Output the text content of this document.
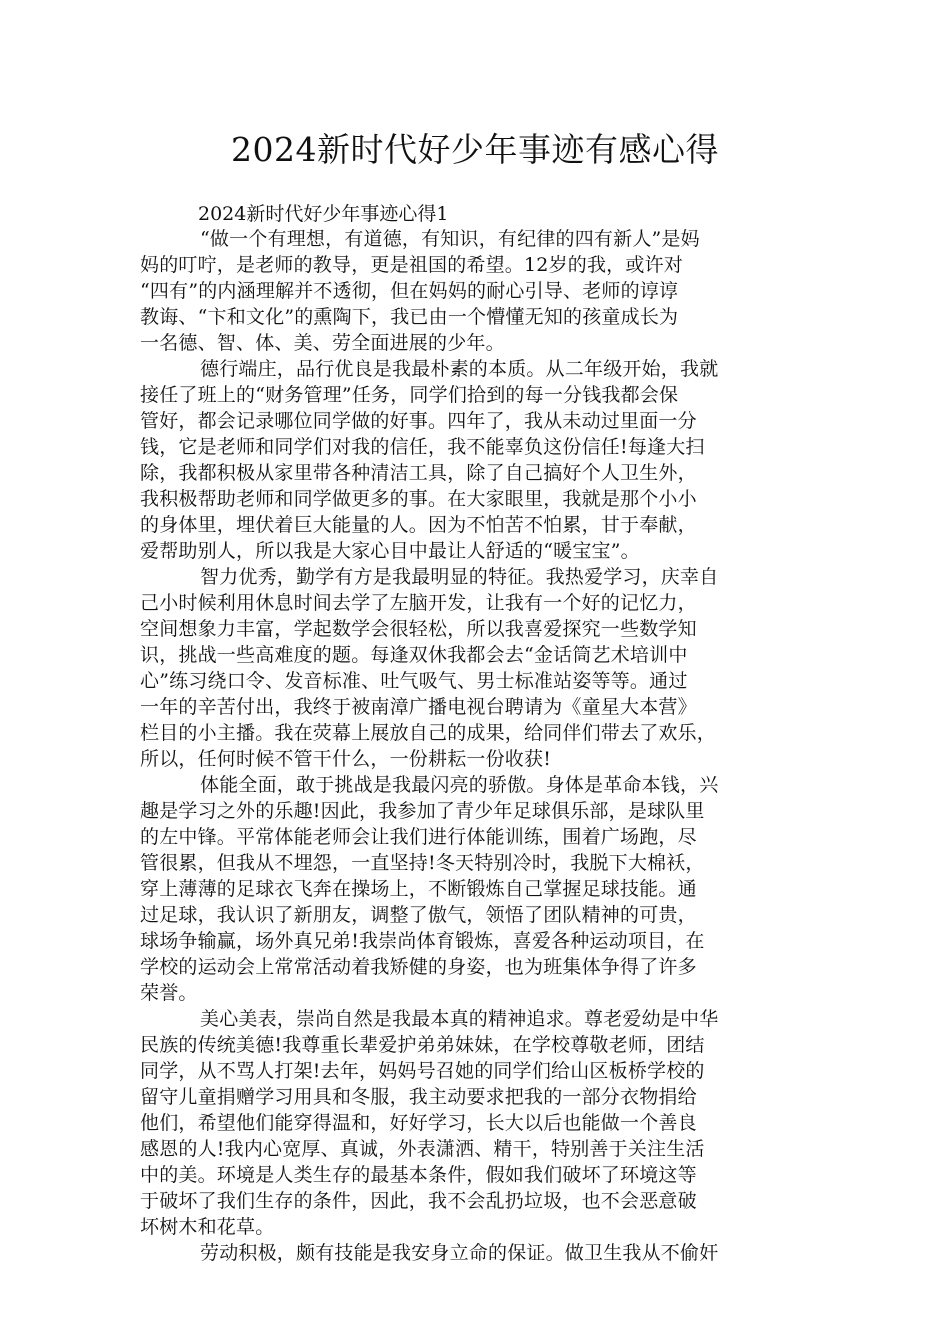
2024新时代好少年事迹有感心得
2024新时代好少年事迹心得1

“做一个有理想，有道德，有知识，有纪律的四有新人”是妈
妈的叮咛，是老师的教导，更是祖国的希望。12岁的我，或许对
“四有”的内涵理解并不透彻，但在妈妈的耐心引导、老师的谆谆
教诲、“卞和文化”的熏陶下，我已由一个懵懂无知的孩童成长为
一名德、智、体、美、劳全面进展的少年。

德行端庄，品行优良是我最朴素的本质。从二年级开始，我就
接任了班上的“财务管理”任务，同学们拾到的每一分钱我都会保
管好，都会记录哪位同学做的好事。四年了，我从未动过里面一分
钱，它是老师和同学们对我的信任，我不能辜负这份信任!每逢大扫
除，我都积极从家里带各种清洁工具，除了自己搞好个人卫生外，
我积极帮助老师和同学做更多的事。在大家眼里，我就是那个小小
的身体里，埋伏着巨大能量的人。因为不怕苦不怕累，甘于奉献，
爱帮助别人，所以我是大家心目中最让人舒适的“暖宝宝”。

智力优秀，勤学有方是我最明显的特征。我热爱学习，庆幸自
己小时候利用休息时间去学了左脑开发，让我有一个好的记忆力，
空间想象力丰富，学起数学会很轻松，所以我喜爱探究一些数学知
识，挑战一些高难度的题。每逢双休我都会去“金话筒艺术培训中
心”练习绕口令、发音标准、吐气吸气、男士标准站姿等等。通过
一年的辛苦付出，我终于被南漳广播电视台聘请为《童星大本营》
栏目的小主播。我在荧幕上展放自己的成果，给同伴们带去了欢乐，
所以，任何时候不管干什么，一份耕耘一份收获!

体能全面，敢于挑战是我最闪亮的骄傲。身体是革命本钱，兴
趣是学习之外的乐趣!因此，我参加了青少年足球俱乐部，是球队里
的左中锋。平常体能老师会让我们进行体能训练，围着广场跑，尽
管很累，但我从不埋怨，一直坚持!冬天特别冷时，我脱下大棉袄，
穿上薄薄的足球衣飞奔在操场上，不断锻炼自己掌握足球技能。通
过足球，我认识了新朋友，调整了傲气，领悟了团队精神的可贵，
球场争输赢，场外真兄弟!我崇尚体育锻炼，喜爱各种运动项目，在
学校的运动会上常常活动着我矫健的身姿，也为班集体争得了许多
荣誉。

美心美表，崇尚自然是我最本真的精神追求。尊老爱幼是中华
民族的传统美德!我尊重长辈爱护弟弟妹妹，在学校尊敬老师，团结
同学，从不骂人打架!去年，妈妈号召她的同学们给山区板桥学校的
留守儿童捐赠学习用具和冬服，我主动要求把我的一部分衣物捐给
他们，希望他们能穿得温和，好好学习，长大以后也能做一个善良
感恩的人!我内心宽厚、真诚，外表潇洒、精干，特别善于关注生活
中的美。环境是人类生存的最基本条件，假如我们破坏了环境这等
于破坏了我们生存的条件，因此，我不会乱扔垃圾，也不会恶意破
坏树木和花草。

劳动积极，颇有技能是我安身立命的保证。做卫生我从不偷奸
